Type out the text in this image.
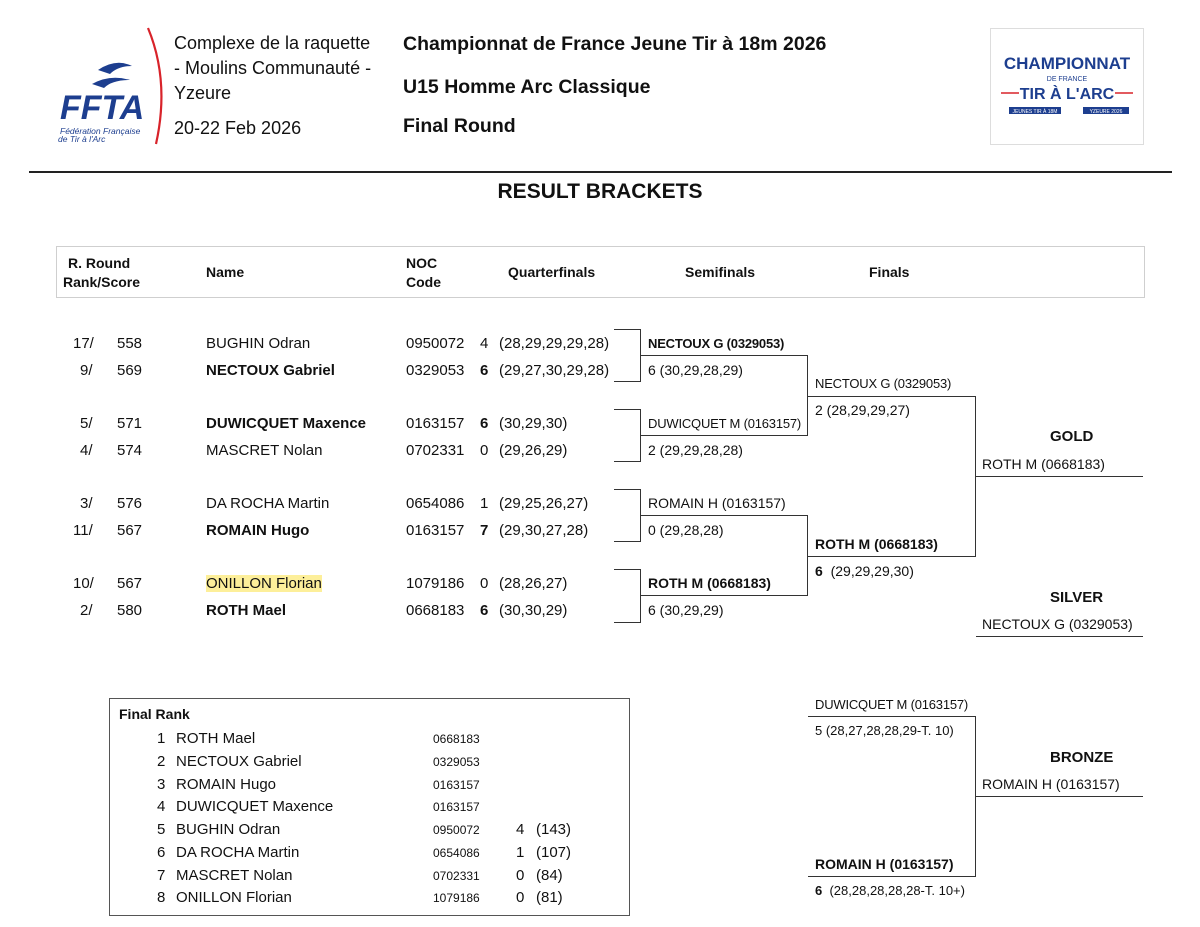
FFTA
Fédération Française
de Tir à l'Arc
Complexe de la raquette
- Moulins Communauté -
Yzeure
20-22 Feb 2026
Championnat de France Jeune Tir à 18m 2026
U15 Homme Arc Classique
Final Round
CHAMPIONNAT
DE FRANCE
TIR À L'ARC
JEUNES TIR À 18M	YZEURE 2026
RESULT BRACKETS
R. Round
Rank/Score
Name
NOC
Code
Quarterfinals	Semifinals	Finals
17/ 558	BUGHIN Odran	0950072 4 (28,29,29,29,28)
9/ 569	NECTOUX Gabriel	0329053 6 (29,27,30,29,28)
5/ 571	DUWICQUET Maxence	0163157 6 (30,29,30)
4/ 574	MASCRET Nolan	0702331 0 (29,26,29)
3/ 576	DA ROCHA Martin	0654086 1 (29,25,26,27)
11/ 567	ROMAIN Hugo	0163157 7 (29,30,27,28)
10/ 567	ONILLON Florian	1079186 0 (28,26,27)
2/ 580	ROTH Mael	0668183 6 (30,30,29)
NECTOUX G (0329053)
6 (30,29,28,29)
DUWICQUET M (0163157)
2 (29,29,28,28)
ROMAIN H (0163157)
0 (29,28,28)
ROTH M (0668183)
6 (30,29,29)
NECTOUX G (0329053)
2 (28,29,29,27)
ROTH M (0668183)
6 (29,29,29,30)
GOLD
ROTH M (0668183)
SILVER
NECTOUX G (0329053)
DUWICQUET M (0163157)
5 (28,27,28,28,29-T. 10)
ROMAIN H (0163157)
6 (28,28,28,28,28-T. 10+)
BRONZE
ROMAIN H (0163157)
Final Rank
1 ROTH Mael	0668183
2 NECTOUX Gabriel	0329053
3 ROMAIN Hugo	0163157
4 DUWICQUET Maxence	0163157
5 BUGHIN Odran	0950072 4 (143)
6 DA ROCHA Martin	0654086 1 (107)
7 MASCRET Nolan	0702331 0 (84)
8 ONILLON Florian	1079186 0 (81)
